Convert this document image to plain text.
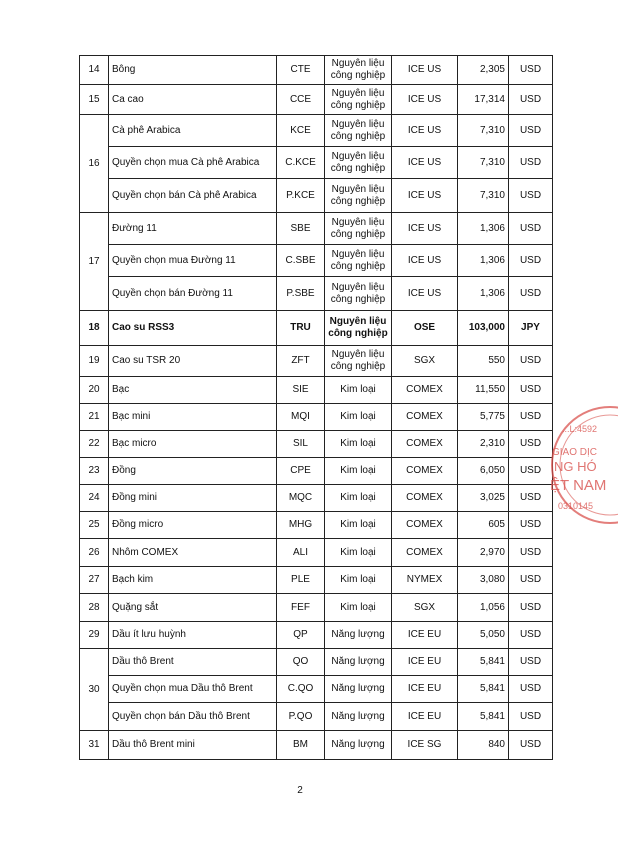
14	Bông	CTE	Nguyên liệu công nghiệp	ICE US	2,305	USD
15	Ca cao	CCE	Nguyên liệu công nghiệp	ICE US	17,314	USD
16	Cà phê Arabica	KCE	Nguyên liệu công nghiệp	ICE US	7,310	USD
	Quyền chọn mua Cà phê Arabica	C.KCE	Nguyên liệu công nghiệp	ICE US	7,310	USD
	Quyền chọn bán Cà phê Arabica	P.KCE	Nguyên liệu công nghiệp	ICE US	7,310	USD
17	Đường 11	SBE	Nguyên liệu công nghiệp	ICE US	1,306	USD
	Quyền chọn mua Đường 11	C.SBE	Nguyên liệu công nghiệp	ICE US	1,306	USD
	Quyền chọn bán Đường 11	P.SBE	Nguyên liệu công nghiệp	ICE US	1,306	USD
18	Cao su RSS3	TRU	Nguyên liệu công nghiệp	OSE	103,000	JPY
19	Cao su TSR 20	ZFT	Nguyên liệu công nghiệp	SGX	550	USD
20	Bạc	SIE	Kim loại	COMEX	11,550	USD
21	Bạc mini	MQI	Kim loại	COMEX	5,775	USD
22	Bạc micro	SIL	Kim loại	COMEX	2,310	USD
23	Đồng	CPE	Kim loại	COMEX	6,050	USD
24	Đồng mini	MQC	Kim loại	COMEX	3,025	USD
25	Đồng micro	MHG	Kim loại	COMEX	605	USD
26	Nhôm COMEX	ALI	Kim loại	COMEX	2,970	USD
27	Bạch kim	PLE	Kim loại	NYMEX	3,080	USD
28	Quặng sắt	FEF	Kim loại	SGX	1,056	USD
29	Dầu ít lưu huỳnh	QP	Năng lượng	ICE EU	5,050	USD
30	Dầu thô Brent	QO	Năng lượng	ICE EU	5,841	USD
	Quyền chọn mua Dầu thô Brent	C.QO	Năng lượng	ICE EU	5,841	USD
	Quyền chọn bán Dầu thô Brent	P.QO	Năng lượng	ICE EU	5,841	USD
31	Dầu thô Brent mini	BM	Năng lượng	ICE SG	840	USD
2
...L:4592
GIAO DỊC
NG HÓ
ỆT NAM
0310145
